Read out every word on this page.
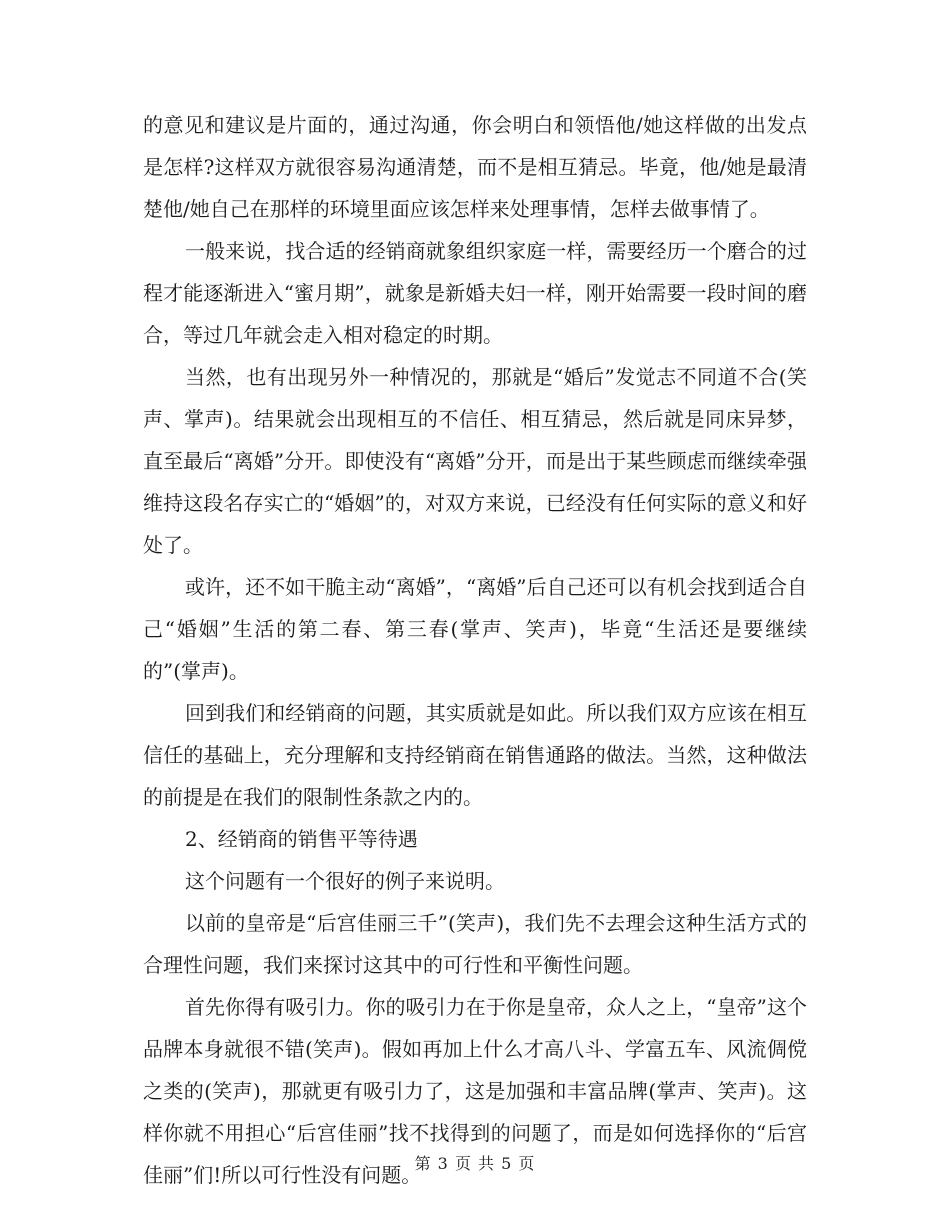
的意见和建议是片面的，通过沟通，你会明白和领悟他/她这样做的出发点是怎样?这样双方就很容易沟通清楚，而不是相互猜忌。毕竟，他/她是最清楚他/她自己在那样的环境里面应该怎样来处理事情，怎样去做事情了。

一般来说，找合适的经销商就象组织家庭一样，需要经历一个磨合的过程才能逐渐进入“蜜月期”，就象是新婚夫妇一样，刚开始需要一段时间的磨合，等过几年就会走入相对稳定的时期。

当然，也有出现另外一种情况的，那就是“婚后”发觉志不同道不合(笑声、掌声)。结果就会出现相互的不信任、相互猜忌，然后就是同床异梦，直至最后“离婚”分开。即使没有“离婚”分开，而是出于某些顾虑而继续牵强维持这段名存实亡的“婚姻”的，对双方来说，已经没有任何实际的意义和好处了。

或许，还不如干脆主动“离婚”，“离婚”后自己还可以有机会找到适合自己“婚姻”生活的第二春、第三春(掌声、笑声)，毕竟“生活还是要继续的”(掌声)。

回到我们和经销商的问题，其实质就是如此。所以我们双方应该在相互信任的基础上，充分理解和支持经销商在销售通路的做法。当然，这种做法的前提是在我们的限制性条款之内的。

2、经销商的销售平等待遇

这个问题有一个很好的例子来说明。

以前的皇帝是“后宫佳丽三千”(笑声)，我们先不去理会这种生活方式的合理性问题，我们来探讨这其中的可行性和平衡性问题。

首先你得有吸引力。你的吸引力在于你是皇帝，众人之上，“皇帝”这个品牌本身就很不错(笑声)。假如再加上什么才高八斗、学富五车、风流倜傥之类的(笑声)，那就更有吸引力了，这是加强和丰富品牌(掌声、笑声)。这样你就不用担心“后宫佳丽”找不找得到的问题了，而是如何选择你的“后宫佳丽”们!所以可行性没有问题。

第 3 页 共 5 页
